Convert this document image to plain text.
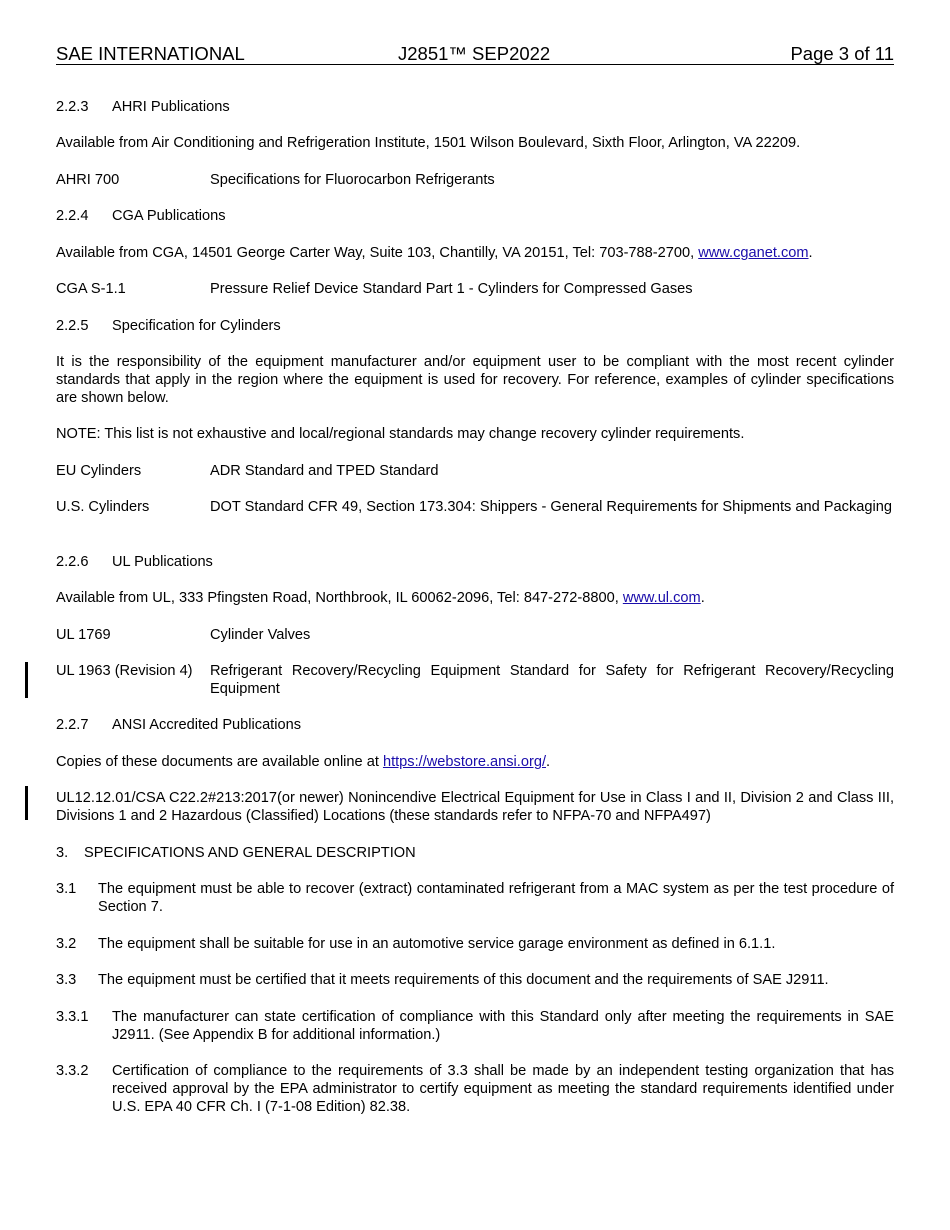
SAE INTERNATIONAL	J2851™ SEP2022	Page 3 of 11
2.2.3 AHRI Publications
Available from Air Conditioning and Refrigeration Institute, 1501 Wilson Boulevard, Sixth Floor, Arlington, VA 22209.
AHRI 700	Specifications for Fluorocarbon Refrigerants
2.2.4 CGA Publications
Available from CGA, 14501 George Carter Way, Suite 103, Chantilly, VA 20151, Tel: 703-788-2700, www.cganet.com.
CGA S-1.1	Pressure Relief Device Standard Part 1 - Cylinders for Compressed Gases
2.2.5 Specification for Cylinders
It is the responsibility of the equipment manufacturer and/or equipment user to be compliant with the most recent cylinder standards that apply in the region where the equipment is used for recovery. For reference, examples of cylinder specifications are shown below.
NOTE: This list is not exhaustive and local/regional standards may change recovery cylinder requirements.
EU Cylinders	ADR Standard and TPED Standard
U.S. Cylinders	DOT Standard CFR 49, Section 173.304: Shippers - General Requirements for Shipments and Packaging
2.2.6 UL Publications
Available from UL, 333 Pfingsten Road, Northbrook, IL 60062-2096, Tel: 847-272-8800, www.ul.com.
UL 1769	Cylinder Valves
UL 1963 (Revision 4) Refrigerant Recovery/Recycling Equipment Standard for Safety for Refrigerant Recovery/Recycling Equipment
2.2.7 ANSI Accredited Publications
Copies of these documents are available online at https://webstore.ansi.org/.
UL12.12.01/CSA C22.2#213:2017(or newer) Nonincendive Electrical Equipment for Use in Class I and II, Division 2 and Class III, Divisions 1 and 2 Hazardous (Classified) Locations (these standards refer to NFPA-70 and NFPA497)
3. SPECIFICATIONS AND GENERAL DESCRIPTION
3.1 The equipment must be able to recover (extract) contaminated refrigerant from a MAC system as per the test procedure of Section 7.
3.2 The equipment shall be suitable for use in an automotive service garage environment as defined in 6.1.1.
3.3 The equipment must be certified that it meets requirements of this document and the requirements of SAE J2911.
3.3.1 The manufacturer can state certification of compliance with this Standard only after meeting the requirements in SAE J2911. (See Appendix B for additional information.)
3.3.2 Certification of compliance to the requirements of 3.3 shall be made by an independent testing organization that has received approval by the EPA administrator to certify equipment as meeting the standard requirements identified under U.S. EPA 40 CFR Ch. I (7-1-08 Edition) 82.38.
